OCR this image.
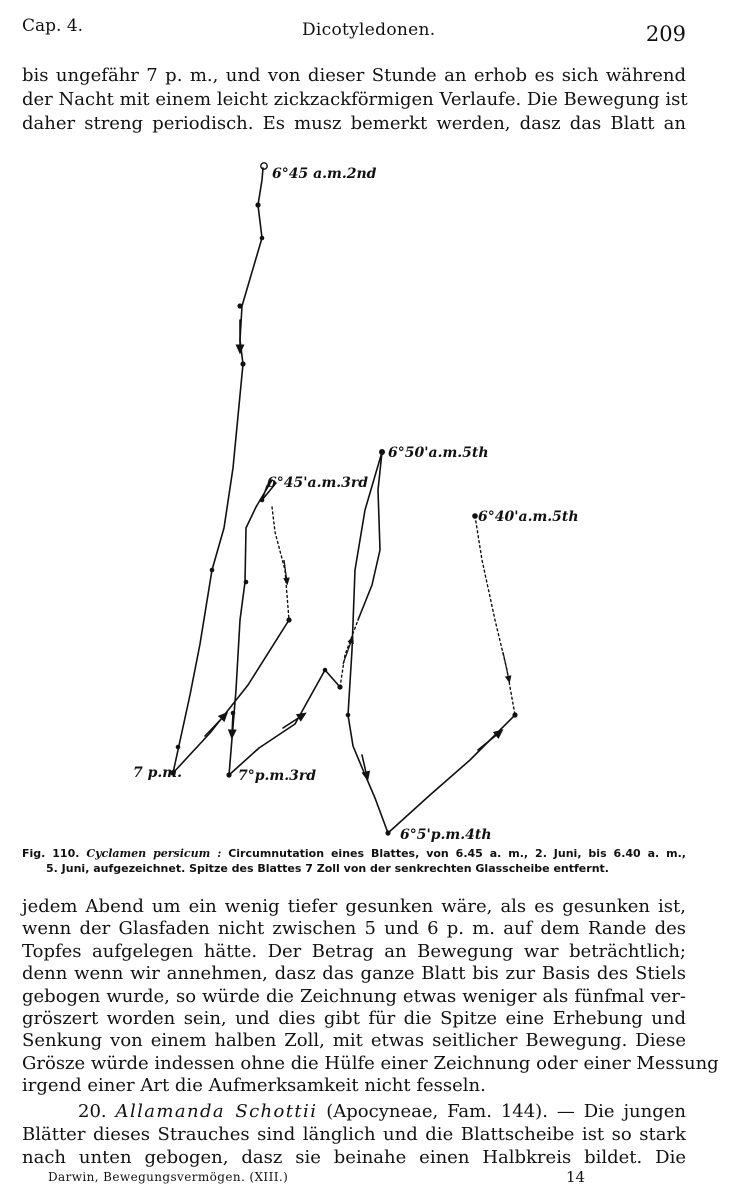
Cap. 4.	Dicotyledonen.	209
bis ungefähr 7 p. m., und von dieser Stunde an erhob es sich während
der Nacht mit einem leicht zickzackförmigen Verlaufe. Die Bewegung ist
daher streng periodisch. Es musz bemerkt werden, dasz das Blatt an
6°45 a.m.2nd
6°45'a.m.3rd
6°50'a.m.5th
6°40'a.m.5th
7 p.m.	7°p.m.3rd
6°5'p.m.4th
Fig. 110. Cyclamen persicum : Circumnutation eines Blattes, von 6.45 a. m., 2. Juni, bis 6.40 a. m.,
5. Juni, aufgezeichnet. Spitze des Blattes 7 Zoll von der senkrechten Glasscheibe entfernt.
jedem Abend um ein wenig tiefer gesunken wäre, als es gesunken ist,
wenn der Glasfaden nicht zwischen 5 und 6 p. m. auf dem Rande des
Topfes aufgelegen hätte. Der Betrag an Bewegung war beträchtlich;
denn wenn wir annehmen, dasz das ganze Blatt bis zur Basis des Stiels
gebogen wurde, so würde die Zeichnung etwas weniger als fünfmal ver-
gröszert worden sein, und dies gibt für die Spitze eine Erhebung und
Senkung von einem halben Zoll, mit etwas seitlicher Bewegung. Diese
Grösze würde indessen ohne die Hülfe einer Zeichnung oder einer Messung
irgend einer Art die Aufmerksamkeit nicht fesseln.
20. Allamanda Schottii (Apocyneae, Fam. 144). — Die jungen
Blätter dieses Strauches sind länglich und die Blattscheibe ist so stark
nach unten gebogen, dasz sie beinahe einen Halbkreis bildet. Die
Darwin, Bewegungsvermögen. (XIII.)	14
